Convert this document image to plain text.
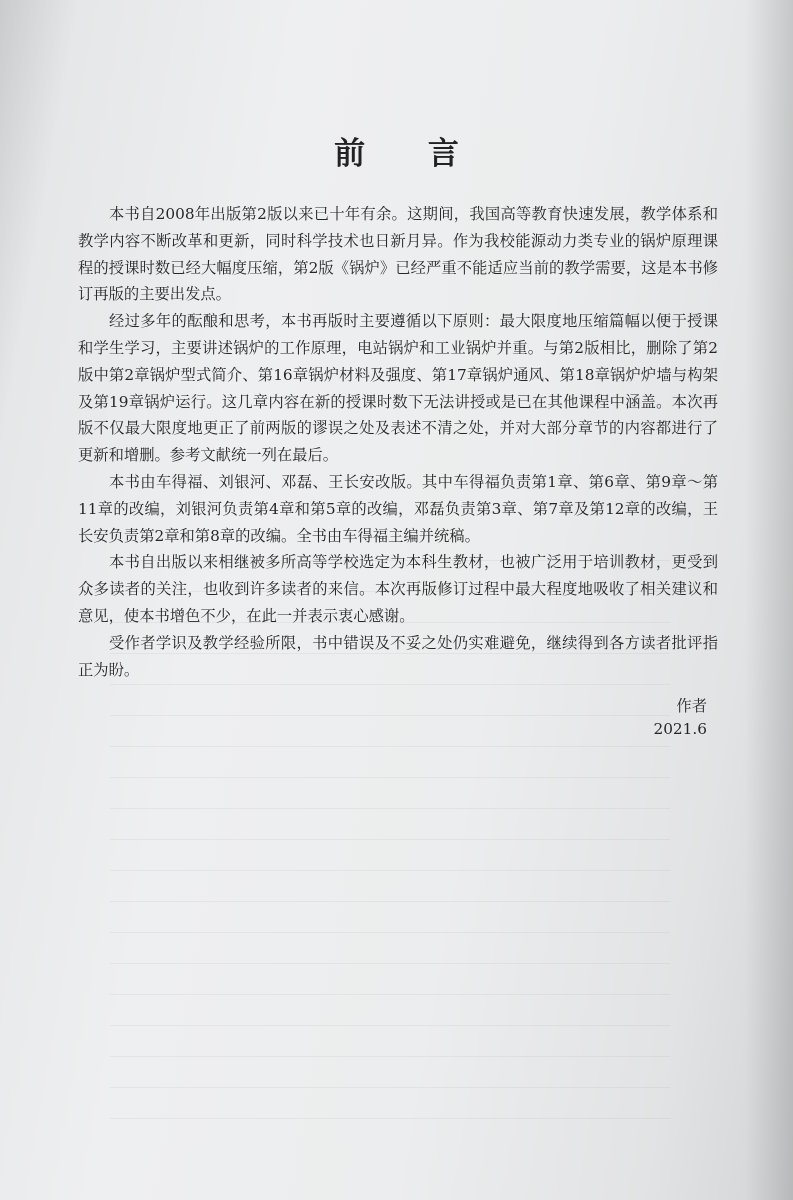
前 言

本书自2008年出版第2版以来已十年有余。这期间，我国高等教育快速发展，教学体系和教学内容不断改革和更新，同时科学技术也日新月异。作为我校能源动力类专业的锅炉原理课程的授课时数已经大幅度压缩，第2版《锅炉》已经严重不能适应当前的教学需要，这是本书修订再版的主要出发点。

经过多年的酝酿和思考，本书再版时主要遵循以下原则：最大限度地压缩篇幅以便于授课和学生学习，主要讲述锅炉的工作原理，电站锅炉和工业锅炉并重。与第2版相比，删除了第2版中第2章锅炉型式简介、第16章锅炉材料及强度、第17章锅炉通风、第18章锅炉炉墙与构架及第19章锅炉运行。这几章内容在新的授课时数下无法讲授或是已在其他课程中涵盖。本次再版不仅最大限度地更正了前两版的谬误之处及表述不清之处，并对大部分章节的内容都进行了更新和增删。参考文献统一列在最后。

本书由车得福、刘银河、邓磊、王长安改版。其中车得福负责第1章、第6章、第9章～第11章的改编，刘银河负责第4章和第5章的改编，邓磊负责第3章、第7章及第12章的改编，王长安负责第2章和第8章的改编。全书由车得福主编并统稿。

本书自出版以来相继被多所高等学校选定为本科生教材，也被广泛用于培训教材，更受到众多读者的关注，也收到许多读者的来信。本次再版修订过程中最大程度地吸收了相关建议和意见，使本书增色不少，在此一并表示衷心感谢。

受作者学识及教学经验所限，书中错误及不妥之处仍实难避免，继续得到各方读者批评指正为盼。

作者
2021.6
